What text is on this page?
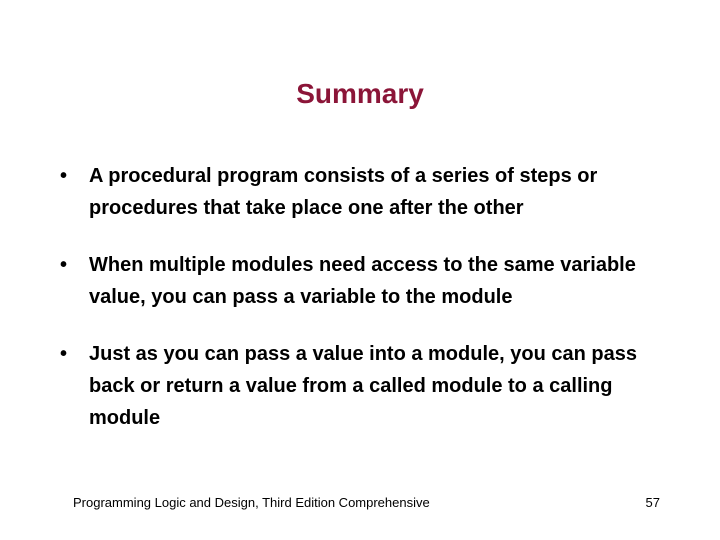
Summary
•	A procedural program consists of a series of steps or procedures that take place one after the other
•	When multiple modules need access to the same variable value, you can pass a variable to the module
•	Just as you can pass a value into a module, you can pass back or return a value from a called module to a calling module
Programming Logic and Design, Third Edition Comprehensive	57
